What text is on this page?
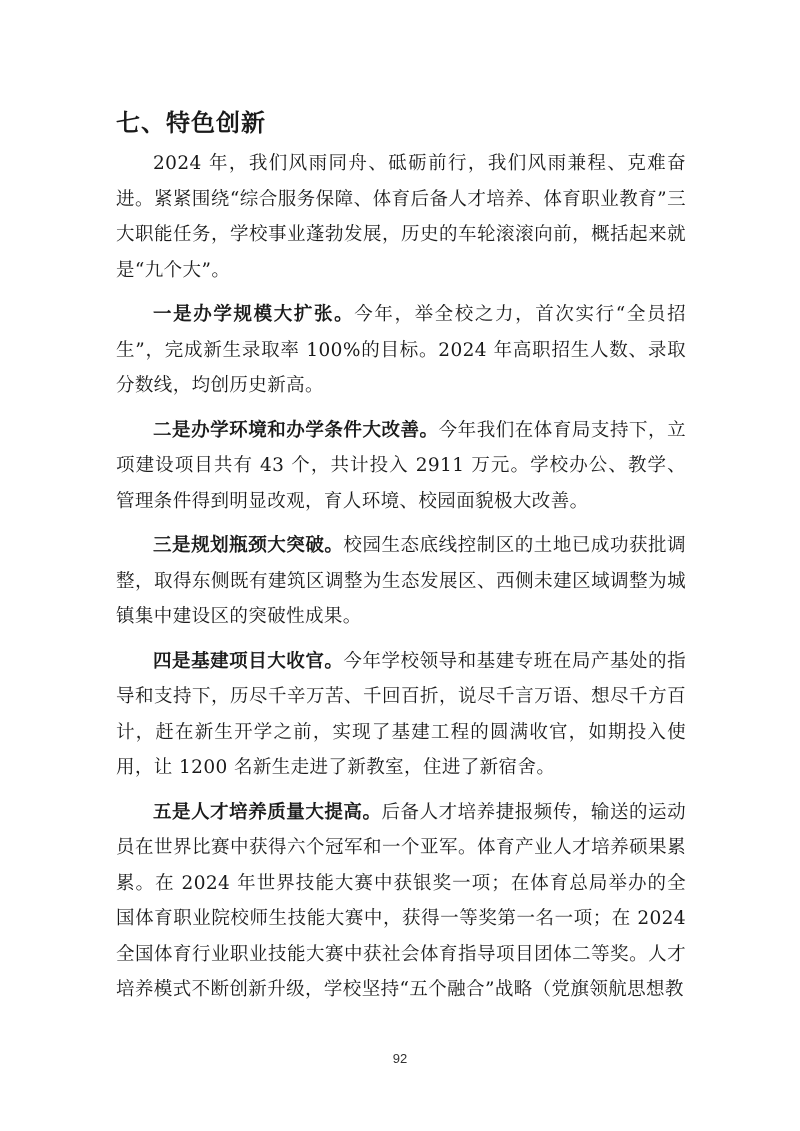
七、特色创新

2024 年，我们风雨同舟、砥砺前行，我们风雨兼程、克难奋进。紧紧围绕“综合服务保障、体育后备人才培养、体育职业教育”三大职能任务，学校事业蓬勃发展，历史的车轮滚滚向前，概括起来就是“九个大”。

一是办学规模大扩张。今年，举全校之力，首次实行“全员招生”，完成新生录取率 100%的目标。2024 年高职招生人数、录取分数线，均创历史新高。

二是办学环境和办学条件大改善。今年我们在体育局支持下，立项建设项目共有 43 个，共计投入 2911 万元。学校办公、教学、管理条件得到明显改观，育人环境、校园面貌极大改善。

三是规划瓶颈大突破。校园生态底线控制区的土地已成功获批调整，取得东侧既有建筑区调整为生态发展区、西侧未建区域调整为城镇集中建设区的突破性成果。

四是基建项目大收官。今年学校领导和基建专班在局产基处的指导和支持下，历尽千辛万苦、千回百折，说尽千言万语、想尽千方百计，赶在新生开学之前，实现了基建工程的圆满收官，如期投入使用，让 1200 名新生走进了新教室，住进了新宿舍。

五是人才培养质量大提高。后备人才培养捷报频传，输送的运动员在世界比赛中获得六个冠军和一个亚军。体育产业人才培养硕果累累。在 2024 年世界技能大赛中获银奖一项；在体育总局举办的全国体育职业院校师生技能大赛中，获得一等奖第一名一项；在 2024 全国体育行业职业技能大赛中获社会体育指导项目团体二等奖。人才培养模式不断创新升级，学校坚持“五个融合”战略（党旗领航思想教

92
